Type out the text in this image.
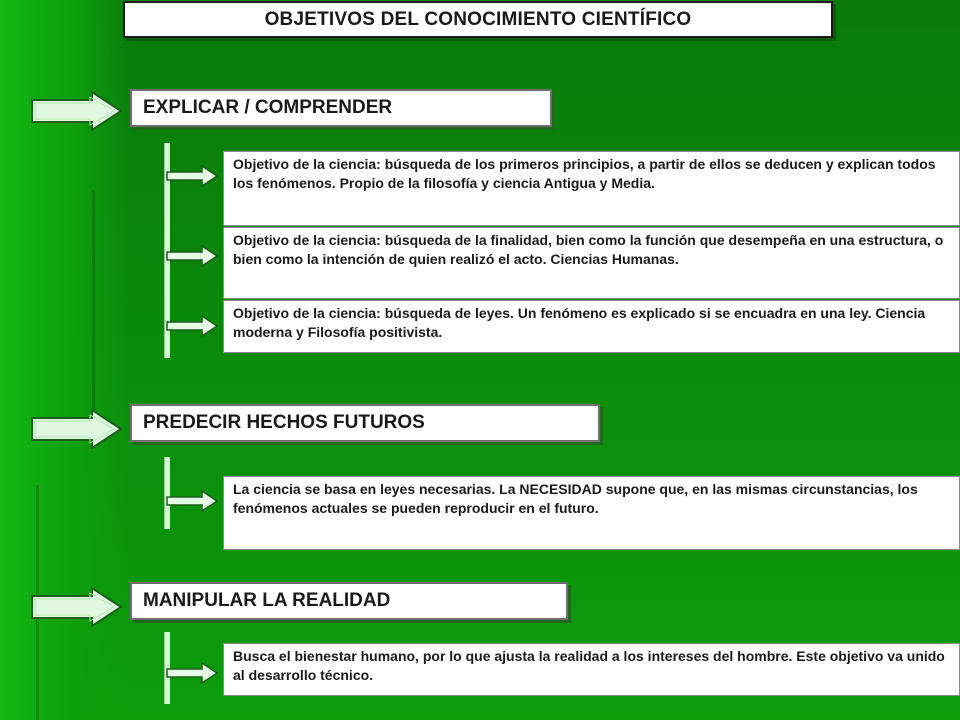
OBJETIVOS DEL CONOCIMIENTO CIENTÍFICO
EXPLICAR / COMPRENDER
Objetivo de la ciencia: búsqueda de los primeros principios, a partir de ellos se deducen y explican todos los fenómenos. Propio de la filosofía y ciencia Antigua y Media.
Objetivo de la ciencia: búsqueda de la finalidad, bien como la función que desempeña en una estructura, o bien como la intención de quien realizó el acto. Ciencias Humanas.
Objetivo de la ciencia: búsqueda de leyes. Un fenómeno es explicado si se encuadra en una ley. Ciencia moderna y Filosofía positivista.
PREDECIR HECHOS FUTUROS
La ciencia se basa en leyes necesarias. La NECESIDAD supone que, en las mismas circunstancias, los fenómenos actuales se pueden reproducir en el futuro.
MANIPULAR LA REALIDAD
Busca el bienestar humano, por lo que ajusta la realidad a los intereses del hombre. Este objetivo va unido al desarrollo técnico.
